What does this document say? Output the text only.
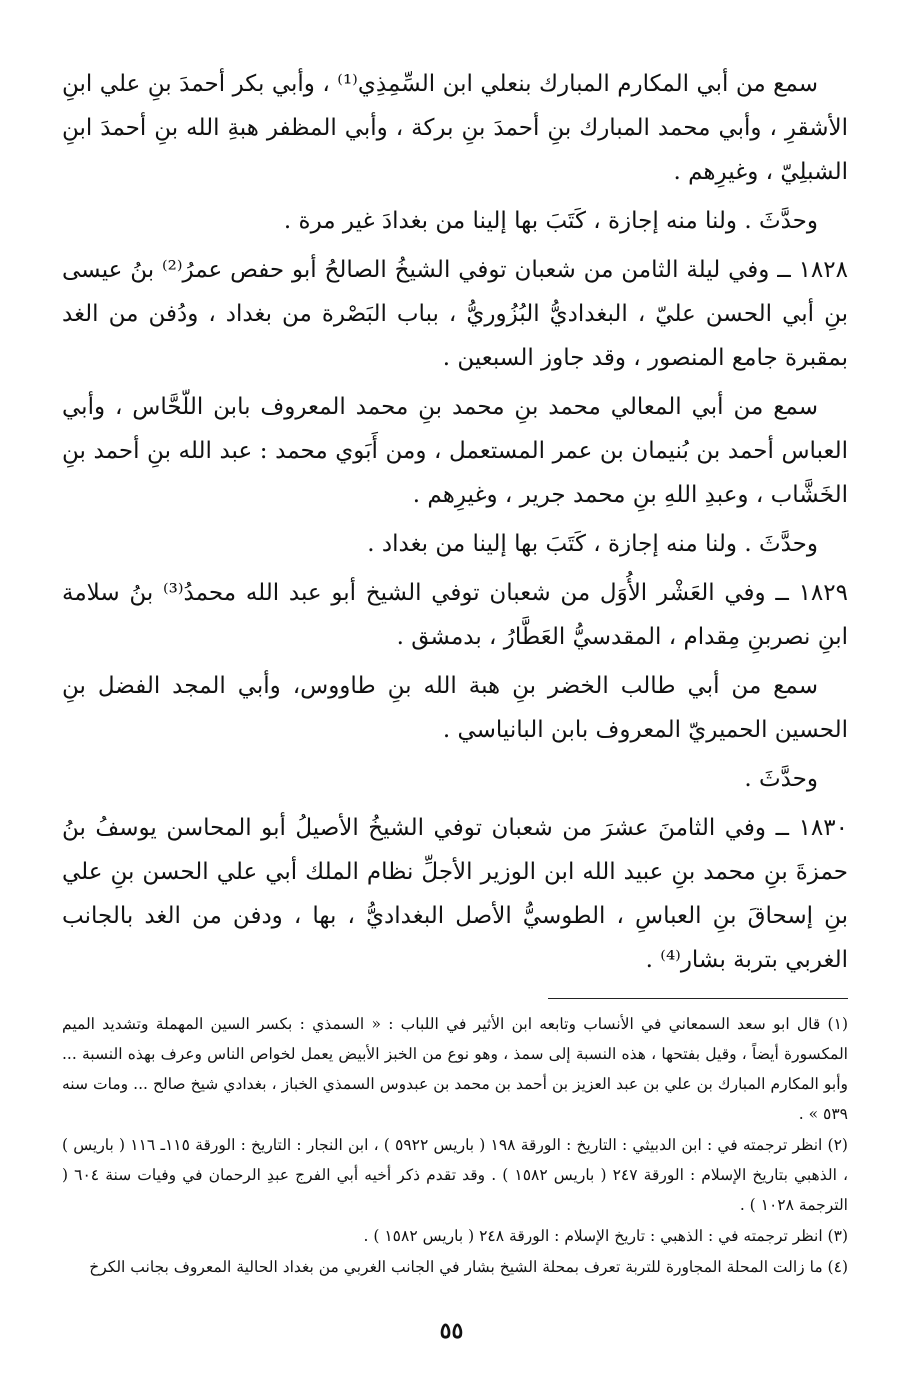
سمع من أبي المكارم المبارك بنعلي ابن السِّمِذِي⁽¹⁾ ، وأبي بكر أحمدَ بنِ علي ابنِ الأشقرِ ، وأبي محمد المبارك بنِ أحمدَ بنِ بركة ، وأبي المظفر هبةِ الله بنِ أحمدَ ابنِ الشبلِيّ ، وغيرِهم .

وحدَّثَ . ولنا منه إجازة ، كَتَبَ بها إلينا من بغدادَ غير مرة .

١٨٢٨ ــ وفي ليلة الثامن من شعبان توفي الشيخُ الصالحُ أبو حفص عمرُ⁽²⁾ بنُ عيسى بنِ أبي الحسن عليّ ، البغداديُّ البُزُوريُّ ، بباب البَصْرة من بغداد ، ودُفن من الغد بمقبرة جامع المنصور ، وقد جاوز السبعين .

سمع من أبي المعالي محمد بنِ محمد بنِ محمد المعروف بابن اللّحَّاس ، وأبي العباس أحمد بن بُنيمان بن عمر المستعمل ، ومن أَبَوي محمد : عبد الله بنِ أحمد بنِ الخَشَّاب ، وعبدِ اللهِ بنِ محمد جرير ، وغيرِهم .

وحدَّثَ . ولنا منه إجازة ، كَتَبَ بها إلينا من بغداد .

١٨٢٩ ــ وفي العَشْر الأُوَل من شعبان توفي الشيخ أبو عبد الله محمدُ⁽³⁾ بنُ سلامة ابنِ نصربنِ مِقدام ، المقدسيُّ العَطَّارُ ، بدمشق .

سمع من أبي طالب الخضر بنِ هبة الله بنِ طاووس، وأبي المجد الفضل بنِ الحسين الحميريّ المعروف بابن البانياسي .

وحدَّثَ .

١٨٣٠ ــ وفي الثامنَ عشرَ من شعبان توفي الشيخُ الأصيلُ أبو المحاسن يوسفُ بنُ حمزةَ بنِ محمد بنِ عبيد الله ابن الوزير الأجلِّ نظام الملك أبي علي الحسن بنِ علي بنِ إسحاقَ بنِ العباسِ ، الطوسيُّ الأصل البغداديُّ ، بها ، ودفن من الغد بالجانب الغربي بتربة بشار⁽⁴⁾ .

(١) قال ابو سعد السمعاني في الأنساب وتابعه ابن الأثير في اللباب : « السمذي : بكسر السين المهملة وتشديد الميم المكسورة أيضاً ، وقيل بفتحها ، هذه النسبة إلى سمذ ، وهو نوع من الخبز الأبيض يعمل لخواص الناس وعرف بهذه النسبة ... وأبو المكارم المبارك بن علي بن عبد العزيز بن أحمد بن محمد بن عبدوس السمذي الخباز ، بغدادي شيخ صالح ... ومات سنه ٥٣٩ » .

(٢) انظر ترجمته في : ابن الدبيثي : التاريخ : الورقة ١٩٨ ( باريس ٥٩٢٢ ) ، ابن النجار : التاريخ : الورقة ١١٥ـ ١١٦ ( باريس ) ، الذهبي بتاريخ الإسلام : الورقة ٢٤٧ ( باريس ١٥٨٢ ) . وقد تقدم ذكر أخيه أبي الفرج عبدِ الرحمان في وفيات سنة ٦٠٤ ( الترجمة ١٠٢٨ ) .

(٣) انظر ترجمته في : الذهبي : تاريخ الإسلام : الورقة ٢٤٨ ( باريس ١٥٨٢ ) .

(٤) ما زالت المحلة المجاورة للتربة تعرف بمحلة الشيخ بشار في الجانب الغربي من بغداد الحالية المعروف بجانب الكرخ

٥٥
